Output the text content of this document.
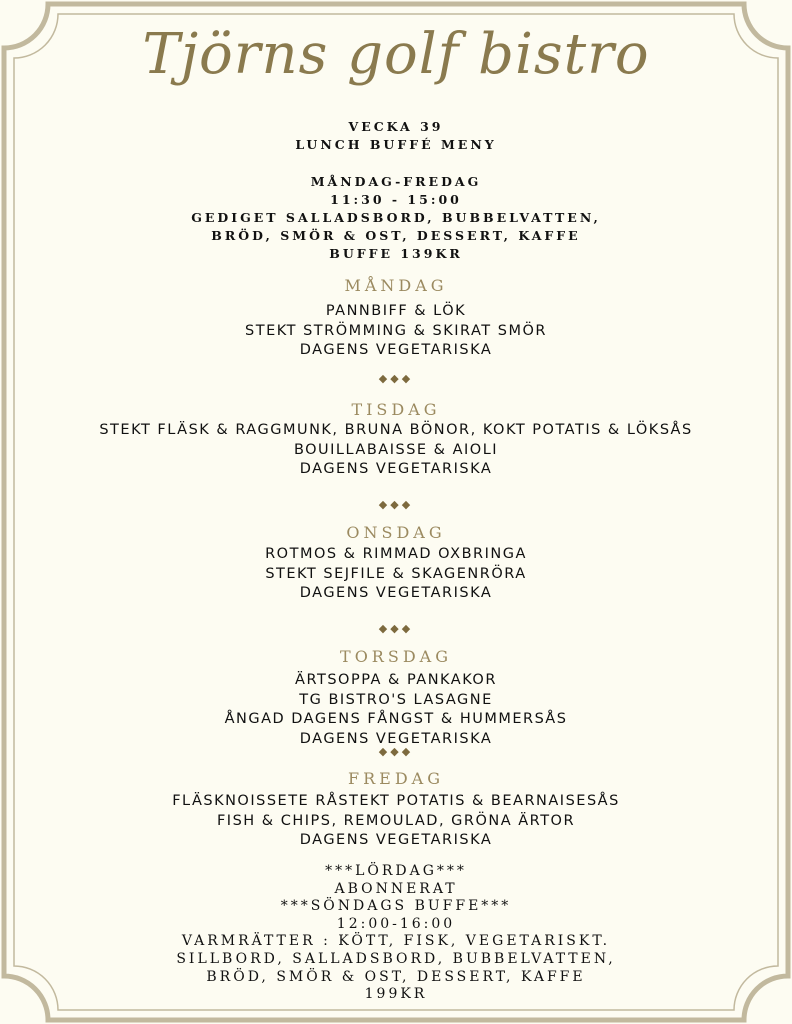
Tjörns golf bistro
VECKA 39
LUNCH BUFFÉ MENY
MÅNDAG-FREDAG
11:30 - 15:00
GEDIGET SALLADSBORD, BUBBELVATTEN,
BRÖD, SMÖR & OST, DESSERT, KAFFE
BUFFE 139KR
MÅNDAG
PANNBIFF & LÖK
STEKT STRÖMMING & SKIRAT SMÖR
DAGENS VEGETARISKA
◆◆◆
TISDAG
STEKT FLÄSK & RAGGMUNK, BRUNA BÖNOR, KOKT POTATIS & LÖKSÅS
BOUILLABAISSE & AIOLI
DAGENS VEGETARISKA
◆◆◆
ONSDAG
ROTMOS & RIMMAD OXBRINGA
STEKT SEJFILE & SKAGENRÖRA
DAGENS VEGETARISKA
◆◆◆
TORSDAG
ÄRTSOPPA & PANKAKOR
TG BISTRO'S LASAGNE
ÅNGAD DAGENS FÅNGST & HUMMERSÅS
DAGENS VEGETARISKA
◆◆◆
FREDAG
FLÄSKNOISSETE RÅSTEKT POTATIS & BEARNAISESÅS
FISH & CHIPS, REMOULAD, GRÖNA ÄRTOR
DAGENS VEGETARISKA
***LÖRDAG***
ABONNERAT
***SÖNDAGS BUFFE***
12:00-16:00
VARMRÄTTER : KÖTT, FISK, VEGETARISKT.
SILLBORD, SALLADSBORD, BUBBELVATTEN,
BRÖD, SMÖR & OST, DESSERT, KAFFE
199KR
